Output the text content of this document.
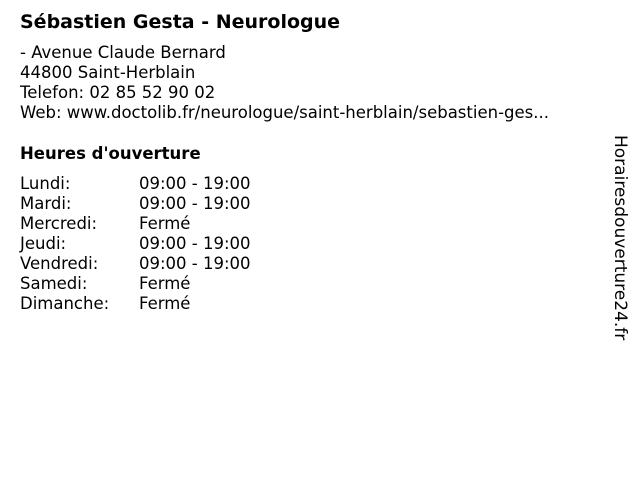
Sébastien Gesta - Neurologue
- Avenue Claude Bernard
44800 Saint-Herblain
Telefon: 02 85 52 90 02
Web: www.doctolib.fr/neurologue/saint-herblain/sebastien-ges...
Heures d'ouverture
Lundi:	09:00 - 19:00
Mardi:	09:00 - 19:00
Mercredi:	Fermé
Jeudi:	09:00 - 19:00
Vendredi:	09:00 - 19:00
Samedi:	Fermé
Dimanche:	Fermé	Horairesdouverture24.fr
